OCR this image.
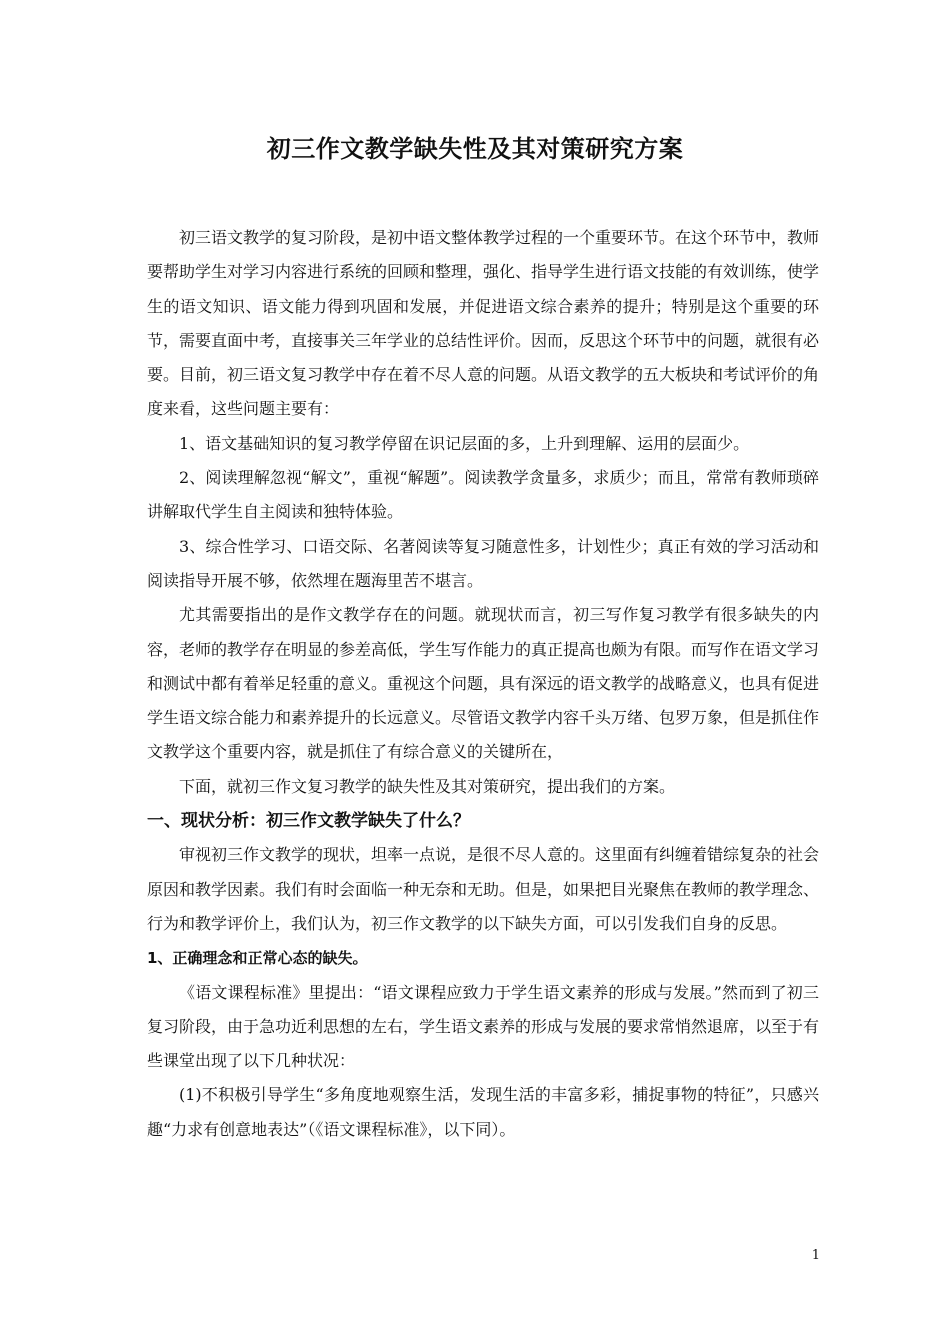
初三作文教学缺失性及其对策研究方案

初三语文教学的复习阶段，是初中语文整体教学过程的一个重要环节。在这个环节中，教师要帮助学生对学习内容进行系统的回顾和整理，强化、指导学生进行语文技能的有效训练，使学生的语文知识、语文能力得到巩固和发展，并促进语文综合素养的提升；特别是这个重要的环节，需要直面中考，直接事关三年学业的总结性评价。因而，反思这个环节中的问题，就很有必要。目前，初三语文复习教学中存在着不尽人意的问题。从语文教学的五大板块和考试评价的角度来看，这些问题主要有：

1、语文基础知识的复习教学停留在识记层面的多，上升到理解、运用的层面少。

2、阅读理解忽视“解文”，重视“解题”。阅读教学贪量多，求质少；而且，常常有教师琐碎讲解取代学生自主阅读和独特体验。

3、综合性学习、口语交际、名著阅读等复习随意性多，计划性少；真正有效的学习活动和阅读指导开展不够，依然埋在题海里苦不堪言。

尤其需要指出的是作文教学存在的问题。就现状而言，初三写作复习教学有很多缺失的内容，老师的教学存在明显的参差高低，学生写作能力的真正提高也颇为有限。而写作在语文学习和测试中都有着举足轻重的意义。重视这个问题，具有深远的语文教学的战略意义，也具有促进学生语文综合能力和素养提升的长远意义。尽管语文教学内容千头万绪、包罗万象，但是抓住作文教学这个重要内容，就是抓住了有综合意义的关键所在，

下面，就初三作文复习教学的缺失性及其对策研究，提出我们的方案。

一、现状分析：初三作文教学缺失了什么？

审视初三作文教学的现状，坦率一点说，是很不尽人意的。这里面有纠缠着错综复杂的社会原因和教学因素。我们有时会面临一种无奈和无助。但是，如果把目光聚焦在教师的教学理念、行为和教学评价上，我们认为，初三作文教学的以下缺失方面，可以引发我们自身的反思。

1、正确理念和正常心态的缺失。

《语文课程标准》里提出：“语文课程应致力于学生语文素养的形成与发展。”然而到了初三复习阶段，由于急功近利思想的左右，学生语文素养的形成与发展的要求常悄然退席，以至于有些课堂出现了以下几种状况：

(1)不积极引导学生“多角度地观察生活，发现生活的丰富多彩，捕捉事物的特征”，只感兴趣“力求有创意地表达”（《语文课程标准》，以下同）。

1
